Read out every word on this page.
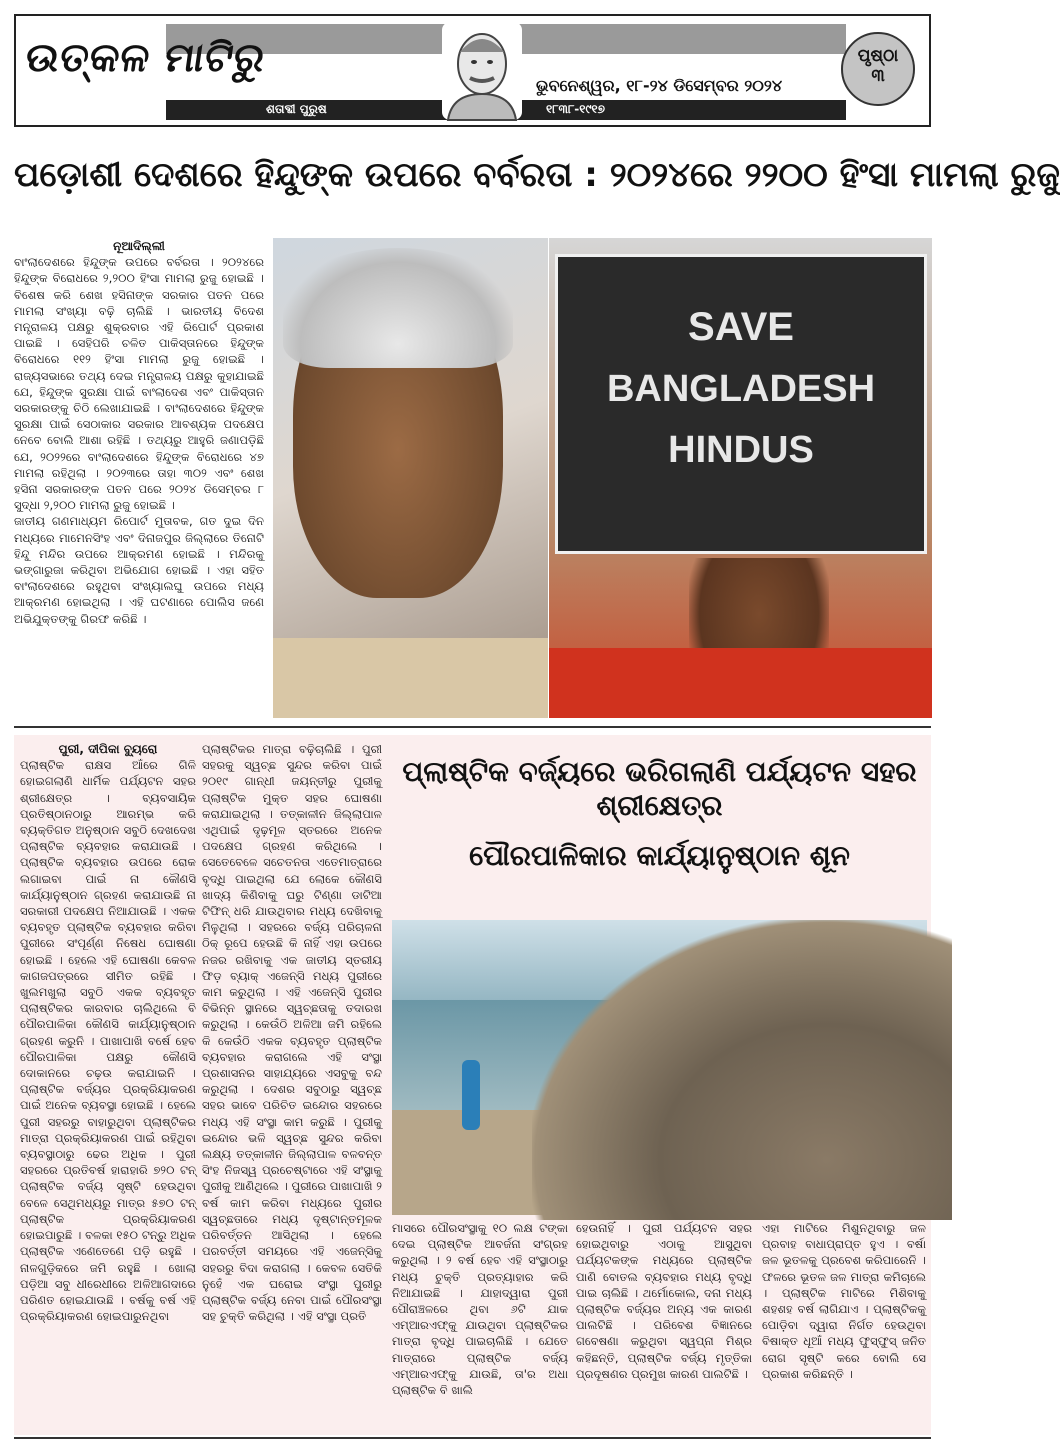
ଉତ୍କଳ ମାଟିରୁ
ଭୁବନେଶ୍ୱର, ୧୮-୨୪ ଡିସେମ୍ବର ୨୦୨୪
ଶତାବ୍ଦୀ ପୁରୁଷ	୧୮୩୮-୧୯୧୭
ପୃଷ୍ଠା
୩
ପଡ଼ୋଶୀ ଦେଶରେ ହିନ୍ଦୁଙ୍କ ଉପରେ ବର୍ବରତା : ୨୦୨୪ରେ ୨୨୦୦ ହିଂସା ମାମଲା ରୁଜୁ
ନୂଆଦିଲ୍ଲୀ
ବାଂଲାଦେଶରେ ହିନ୍ଦୁଙ୍କ ଉପରେ ବର୍ବରତା । ୨୦୨୪ରେ ହିନ୍ଦୁଙ୍କ ବିରୋଧରେ ୨,୨୦୦ ହିଂସା ମାମଲା ରୁଜୁ ହୋଇଛି । ବିଶେଷ କରି ଶେଖ ହସିନାଙ୍କ ସରକାର ପତନ ପରେ ମାମଲା ସଂଖ୍ୟା ବଢ଼ି ଚାଲିଛି । ଭାରତୀୟ ବିଦେଶ ମନ୍ତ୍ରାଳୟ ପକ୍ଷରୁ ଶୁକ୍ରବାର ଏହି ରିପୋର୍ଟ ପ୍ରକାଶ ପାଇଛି । ସେହିପରି ଚଳିତ ପାକିସ୍ତାନରେ ହିନ୍ଦୁଙ୍କ ବିରୋଧରେ ୧୧୨ ହିଂସା ମାମଲା ରୁଜୁ ହୋଇଛି । ରାଜ୍ୟସଭାରେ ତଥ୍ୟ ଦେଇ ମନ୍ତ୍ରାଳୟ ପକ୍ଷରୁ କୁହାଯାଇଛି ଯେ, ହିନ୍ଦୁଙ୍କ ସୁରକ୍ଷା ପାଇଁ ବାଂଲାଦେଶ ଏବଂ ପାକିସ୍ତାନ ସରକାରଙ୍କୁ ଚିଠି ଲେଖାଯାଇଛି । ବାଂଲାଦେଶରେ ହିନ୍ଦୁଙ୍କ ସୁରକ୍ଷା ପାଇଁ ସେଠାକାର ସରକାର ଆବଶ୍ୟକ ପଦକ୍ଷେପ ନେବେ ବୋଲି ଆଶା ରହିଛି । ତଥ୍ୟରୁ ଆହୁରି ଜଣାପଡ଼ିଛି ଯେ, ୨୦୨୨ରେ ବାଂଲାଦେଶରେ ହିନ୍ଦୁଙ୍କ ବିରୋଧରେ ୪୭ ମାମଲା ରହିଥିଲା । ୨୦୨୩ରେ ତାହା ୩୦୨ ଏବଂ ଶେଖ ହସିନା ସରକାରଙ୍କ ପତନ ପରେ ୨୦୨୪ ଡିସେମ୍ବର ୮ ସୁଦ୍ଧା ୨,୨୦୦ ମାମଲା ରୁଜୁ ହୋଇଛି ।
ଜାତୀୟ ଗଣମାଧ୍ୟମ ରିପୋର୍ଟ ମୁତାବକ, ଗତ ଦୁଇ ଦିନ ମଧ୍ୟରେ ମାମେନସିଂହ ଏବଂ ଦିନାଜପୁର ଜିଲ୍ଲାରେ ତିନୋଟି ହିନ୍ଦୁ ମନ୍ଦିର ଉପରେ ଆକ୍ରମଣ ହୋଇଛି । ମନ୍ଦିରକୁ ଭଙ୍ଗାରୁଜା କରିଥିବା ଅଭିଯୋଗ ହୋଇଛି । ଏହା ସହିତ ବାଂଲାଦେଶରେ ରହୁଥିବା ସଂଖ୍ୟାଲଘୁ ଉପରେ ମଧ୍ୟ ଆକ୍ରମଣ ହୋଇଥିଲା । ଏହି ଘଟଣାରେ ପୋଲିସ ଜଣେ ଅଭିଯୁକ୍ତଙ୍କୁ ଗିରଫ କରିଛି ।
SAVE
BANGLADESH
HINDUS
ପୁରୀ, ଦୀପିକା ବ୍ୟୁରୋ
ପ୍ଲାଷ୍ଟିକ ରାକ୍ଷସ ଆଁରେ ଗିଳି ହୋଇଗଲାଣି ଧାର୍ମିକ ପର୍ଯ୍ୟଟନ ସହର ଶ୍ରୀକ୍ଷେତ୍ର । ବ୍ୟବସାୟିକ ପ୍ରତିଷ୍ଠାନଠାରୁ ଆରମ୍ଭ କରି ବ୍ୟକ୍ତିଗତ ଅନୁଷ୍ଠାନ ସବୁଠି ଦେଖଦେଖ ପ୍ଲାଷ୍ଟିକ ବ୍ୟବହାର କରାଯାଉଛି । ପ୍ଲାଷ୍ଟିକ ବ୍ୟବହାର ଉପରେ ରୋକ ଲଗାଇବା ପାଇଁ ନା କୌଣସି କାର୍ଯ୍ୟାନୁଷ୍ଠାନ ଗ୍ରହଣ କରାଯାଉଛି ନା ସରକାରୀ ପଦକ୍ଷେପ ନିଆଯାଉଛି । ଏକକ ବ୍ୟବହୃତ ପ୍ଲାଷ୍ଟିକ ବ୍ୟବହାର କରିବା ପୁରୀରେ ସଂପୂର୍ଣ୍ଣ ନିଷେଧ ଘୋଷଣା ହୋଇଛି । ହେଲେ ଏହି ଘୋଷଣା କେବଳ କାଗଜପତ୍ରରେ ସୀମିତ ରହିଛି । ଖୁଲମଖୁଲା ସବୁଠି ଏକକ ବ୍ୟବହୃତ ପ୍ଲାଷ୍ଟିକର କାରବାର ଚାଲିଥିଲେ ବି ପୌରପାଳିକା କୌଣସି କାର୍ଯ୍ୟାନୁଷ୍ଠାନ ଗ୍ରହଣ କରୁନି । ପାଖାପାଖି ବର୍ଷେ ହେବ ପୌରପାଳିକା ପକ୍ଷରୁ କୌଣସି ଦୋକାନରେ ଚଢ଼ଉ କରାଯାଇନି । ପ୍ଲାଷ୍ଟିକ ବର୍ଜ୍ୟର ପ୍ରକ୍ରିୟାକରଣ ପାଇଁ ଅନେକ ବ୍ୟବସ୍ଥା ହୋଇଛି । ହେଲେ ପୁରୀ ସହରରୁ ବାହାରୁଥିବା ପ୍ଲାଷ୍ଟିକର ମାତ୍ରା ପ୍ରକ୍ରିୟାକରଣ ପାଇଁ ରହିଥିବା ବ୍ୟବସ୍ଥାଠାରୁ ଢେର ଅଧିକ । ପୁରୀ ସହରରେ ପ୍ରତିବର୍ଷ ହାରାହାରି ୭୨୦ ଟନ୍ ପ୍ଲାଷ୍ଟିକ ବର୍ଜ୍ୟ ସୃଷ୍ଟି ହେଉଥିବା ବେଳେ ସେଥିମଧ୍ୟରୁ ମାତ୍ର ୫୭୦ ଟନ୍ ପ୍ଲାଷ୍ଟିକ ପ୍ରକ୍ରିୟାକରଣ ହୋଇପାରୁଛି । ବଳକା ୧୫୦ ଟନ୍‌ରୁ ଅଧିକ ପ୍ଲାଷ୍ଟିକ ଏଣେତେଣେ ପଡ଼ି ରହୁଛି । ନାଳଗୁଡ଼ିକରେ ଜମି ରହୁଛି । ଖୋଲା ପଡ଼ିଆ ସବୁ ଧୀରେଧୀରେ ଅଳିଆଗଦାରେ ପରିଣତ ହୋଇଯାଉଛି । ବର୍ଷକୁ ବର୍ଷ ଏହି ପ୍ରକ୍ରିୟାକରଣ ହୋଇପାରୁନଥିବା
ପ୍ଲାଷ୍ଟିକର ମାତ୍ରା ବଢ଼ିଚାଲିଛି । ପୁରୀ ସହରକୁ ସ୍ୱଚ୍ଛ ସୁନ୍ଦର କରିବା ପାଇଁ ୨୦୧୯ ଗାନ୍ଧୀ ଜୟନ୍ତୀରୁ ପୁରୀକୁ ପ୍ଲାଷ୍ଟିକ ମୁକ୍ତ ସହର ଘୋଷଣା କରାଯାଇଥିଲା । ତତ୍କାଳୀନ ଜିଲ୍ଲାପାଳ ଏଥିପାଇଁ ଦୃଢ଼ମୂଳ ସ୍ତରରେ ଅନେକ ପଦକ୍ଷେପ ଗ୍ରହଣ କରିଥିଲେ । ସେତେବେଳେ ସଚେତନତା ଏତେମାତ୍ରାରେ ବୃଦ୍ଧି ପାଇଥିଲା ଯେ ଲୋକେ କୌଣସି ଖାଦ୍ୟ କିଣିବାକୁ ଘରୁ ଟିଣ୍ଣା ଡାଟିଆ ଟିଫିନ୍ ଧରି ଯାଉଥିବାର ମଧ୍ୟ ଦେଖିବାକୁ ମିଳୁଥିଲା । ସହରରେ ବର୍ଜ୍ୟ ପରିଚାଳନା ଠିକ୍ ରୂପେ ହେଉଛି କି ନାହିଁ ଏହା ଉପରେ ନଜର ରଖିବାକୁ ଏକ ଜାତୀୟ ସ୍ତରୀୟ ଫିଡ଼ ବ୍ୟାକ୍ ଏଜେନ୍ସି ମଧ୍ୟ ପୁରୀରେ କାମ କରୁଥିଲା । ଏହି ଏଜେନ୍ସି ପୁରୀର ବିଭିନ୍ନ ସ୍ଥାନରେ ସ୍ୱଚ୍ଛତାକୁ ତଦାରଖ କରୁଥିଲା । କେଉଁଠି ଅଳିଆ ଜମି ରହିଲେ କି କେଉଁଠି ଏକକ ବ୍ୟବହୃତ ପ୍ଲାଷ୍ଟିକ ବ୍ୟବହାର କରାଗଲେ ଏହି ସଂସ୍ଥା ପ୍ରଶାସନର ସାହାଯ୍ୟରେ ଏସବୁକୁ ବନ୍ଦ କରୁଥିଲା । ଦେଶର ସବୁଠାରୁ ସ୍ୱଚ୍ଛ ସହର ଭାବେ ପରିଚିତ ଇନ୍ଦୋର ସହରରେ ମଧ୍ୟ ଏହି ସଂସ୍ଥା କାମ କରୁଛି । ପୁରୀକୁ ଇନ୍ଦୋର ଭଳି ସ୍ୱଚ୍ଛ ସୁନ୍ଦର କରିବା ଲକ୍ଷ୍ୟ ତତ୍କାଳୀନ ଜିଲ୍ଲାପାଳ ବଳବନ୍ତ ସିଂହ ନିଜସ୍ୱ ପ୍ରଚେଷ୍ଟାରେ ଏହି ସଂସ୍ଥାକୁ ପୁରୀକୁ ଆଣିଥିଲେ । ପୁରୀରେ ପାଖାପାଖି ୨ ବର୍ଷ କାମ କରିବା ମଧ୍ୟରେ ପୁରୀର ସ୍ୱଚ୍ଛତାରେ ମଧ୍ୟ ଦୃଷ୍ଟାନ୍ତମୂଳକ ପରିବର୍ତ୍ତନ ଆସିଥିଲା । ହେଲେ ପରବର୍ତ୍ତୀ ସମୟରେ ଏହି ଏଜେନ୍ସିକୁ ସହରରୁ ବିଦା କରାଗଲା । କେବଳ ସେତିକି ନୁହେଁ ଏକ ଘରୋଇ ସଂସ୍ଥା ପୁରୀରୁ ପ୍ଲାଷ୍ଟିକ ବର୍ଜ୍ୟ ନେବା ପାଇଁ ପୌରସଂସ୍ଥା ସହ ଚୁକ୍ତି କରିଥିଲା । ଏହି ସଂସ୍ଥା ପ୍ରତି
ପ୍ଲାଷ୍ଟିକ ବର୍ଜ୍ୟରେ ଭରିଗଲାଣି ପର୍ଯ୍ୟଟନ ସହର ଶ୍ରୀକ୍ଷେତ୍ର
ପୌରପାଳିକାର କାର୍ଯ୍ୟାନୁଷ୍ଠାନ ଶୂନ
ମାସରେ ପୌରସଂସ୍ଥାକୁ ୧୦ ଲକ୍ଷ ଟଙ୍କା ଦେଇ ପ୍ଲାଷ୍ଟିକ ଆବର୍ଜନା ସଂଗ୍ରହ କରୁଥିଲା । ୨ ବର୍ଷ ହେବ ଏହି ସଂସ୍ଥାଠାରୁ ମଧ୍ୟ ଚୁକ୍ତି ପ୍ରତ୍ୟାହାର କରି ନିଆଯାଇଛି । ଯାହାଦ୍ୱାରା ପୁରୀ ପୌରାଞ୍ଚଳରେ ଥିବା ୬ଟି ଯାକ ଏମ୍‌ଆରଏଫ୍‌କୁ ଯାଉଥିବା ପ୍ଲାଷ୍ଟିକର ମାତ୍ରା ବୃଦ୍ଧି ପାଇଚାଲିଛି । ଯେତେ ମାତ୍ରାରେ ପ୍ଲାଷ୍ଟିକ ବର୍ଜ୍ୟ ଏମ୍‌ଆରଏଫ୍‌କୁ ଯାଉଛି, ତା'ର ଅଧା ପ୍ଲାଷ୍ଟିକ ବି ଖାଲି
ହେଉନାହିଁ । ପୁରୀ ପର୍ଯ୍ୟଟନ ସହର ହୋଇଥିବାରୁ ଏଠାକୁ ଆସୁଥିବା ପର୍ଯ୍ୟଟକଙ୍କ ମଧ୍ୟରେ ପ୍ଲାଷ୍ଟିକ ପାଣି ବୋତଲ ବ୍ୟବହାର ମଧ୍ୟ ବୃଦ୍ଧି ପାଇ ଚାଲିଛି । ଥର୍ମୋକୋଲ, ଦନା ମଧ୍ୟ ପ୍ଲାଷ୍ଟିକ ବର୍ଜ୍ୟର ଅନ୍ୟ ଏକ କାରଣ ପାଲଟିଛି । ପରିବେଶ ବିଜ୍ଞାନରେ ଗବେଷଣା କରୁଥିବା ସ୍ୱପ୍ନା ମିଶ୍ର କହିଛନ୍ତି, ପ୍ଲାଷ୍ଟିକ ବର୍ଜ୍ୟ ମୃତ୍ତିକା ପ୍ରଦୂଷଣର ପ୍ରମୁଖ କାରଣ ପାଲଟିଛି ।
ଏହା ମାଟିରେ ମିଶୁନଥିବାରୁ ଜଳ ପ୍ରବାହ ବାଧାପ୍ରାପ୍ତ ହୁଏ । ବର୍ଷା ଜଳ ଭୂତଳକୁ ପ୍ରବେଶ କରିପାରେନି । ଫଳରେ ଭୂତଳ ଜଳ ମାତ୍ରା କମିଚାଲେ । ପ୍ଲାଷ୍ଟିକ ମାଟିରେ ମିଶିବାକୁ ଶହଶହ ବର୍ଷ ଲାଗିଯାଏ । ପ୍ଲାଷ୍ଟିକକୁ ପୋଡ଼ିବା ଦ୍ୱାରା ନିର୍ଗତ ହେଉଥିବା ବିଷାକ୍ତ ଧୂଆଁ ମଧ୍ୟ ଫୁସ୍‌ଫୁସ୍ ଜନିତ ରୋଗ ସୃଷ୍ଟି କରେ ବୋଲି ସେ ପ୍ରକାଶ କରିଛନ୍ତି ।
